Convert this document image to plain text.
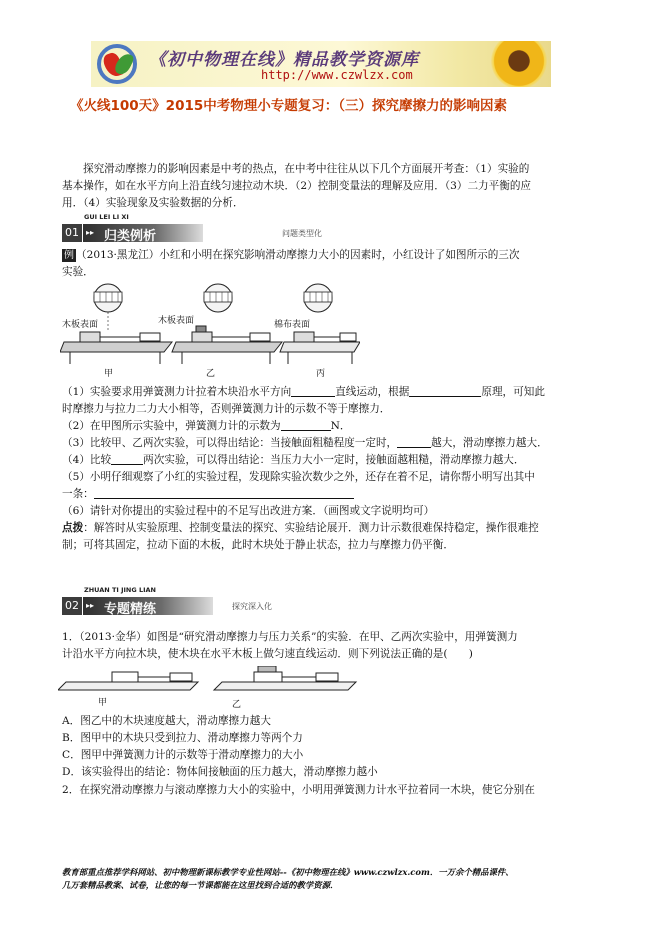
《初中物理在线》精品教学资源库
http://www.czwlzx.com
《火线100天》2015中考物理小专题复习：（三）探究摩擦力的影响因素
探究滑动摩擦力的影响因素是中考的热点，在中考中往往从以下几个方面展开考查：（1）实验的
基本操作，如在水平方向上沿直线匀速拉动木块．（2）控制变量法的理解及应用．（3）二力平衡的应
用．（4）实验现象及实验数据的分析．
01
GUI LEI LI XI
▸▸ 归类例析	问题类型化
例 （2013·黑龙江）小红和小明在探究影响滑动摩擦力大小的因素时，小红设计了如图所示的三次
实验．
木板表面	木板表面	棉布表面
甲	乙	丙
（1）实验要求用弹簧测力计拉着木块沿水平方向	直线运动，根据	原理，可知此
时摩擦力与拉力二力大小相等，否则弹簧测力计的示数不等于摩擦力．
（2）在甲图所示实验中，弹簧测力计的示数为	N．
（3）比较甲、乙两次实验，可以得出结论：当接触面粗糙程度一定时，	越大，滑动摩擦力越大．
（4）比较	两次实验，可以得出结论：当压力大小一定时，接触面越粗糙，滑动摩擦力越大．
（5）小明仔细观察了小红的实验过程，发现除实验次数少之外，还存在着不足，请你帮小明写出其中
一条：
（6）请针对你提出的实验过程中的不足写出改进方案．（画图或文字说明均可）
点拨：解答时从实验原理、控制变量法的探究、实验结论展开．测力计示数很难保持稳定，操作很难控
制；可将其固定，拉动下面的木板，此时木块处于静止状态，拉力与摩擦力仍平衡．
02
ZHUAN TI JING LIAN
▸▸ 专题精练	探究深入化
1．（2013·金华）如图是“研究滑动摩擦力与压力关系”的实验．在甲、乙两次实验中，用弹簧测力
计沿水平方向拉木块，使木块在水平木板上做匀速直线运动．则下列说法正确的是(　　)
甲	乙
A．图乙中的木块速度越大，滑动摩擦力越大
B．图甲中的木块只受到拉力、滑动摩擦力等两个力
C．图甲中弹簧测力计的示数等于滑动摩擦力的大小
D．该实验得出的结论：物体间接触面的压力越大，滑动摩擦力越小
2．在探究滑动摩擦力与滚动摩擦力大小的实验中，小明用弹簧测力计水平拉着同一木块，使它分别在
教育部重点推荐学科网站、初中物理新课标教学专业性网站--《初中物理在线》www.czwlzx.com．一万余个精品课件、
几万套精品教案、试卷，让您的每一节课都能在这里找到合适的教学资源．
